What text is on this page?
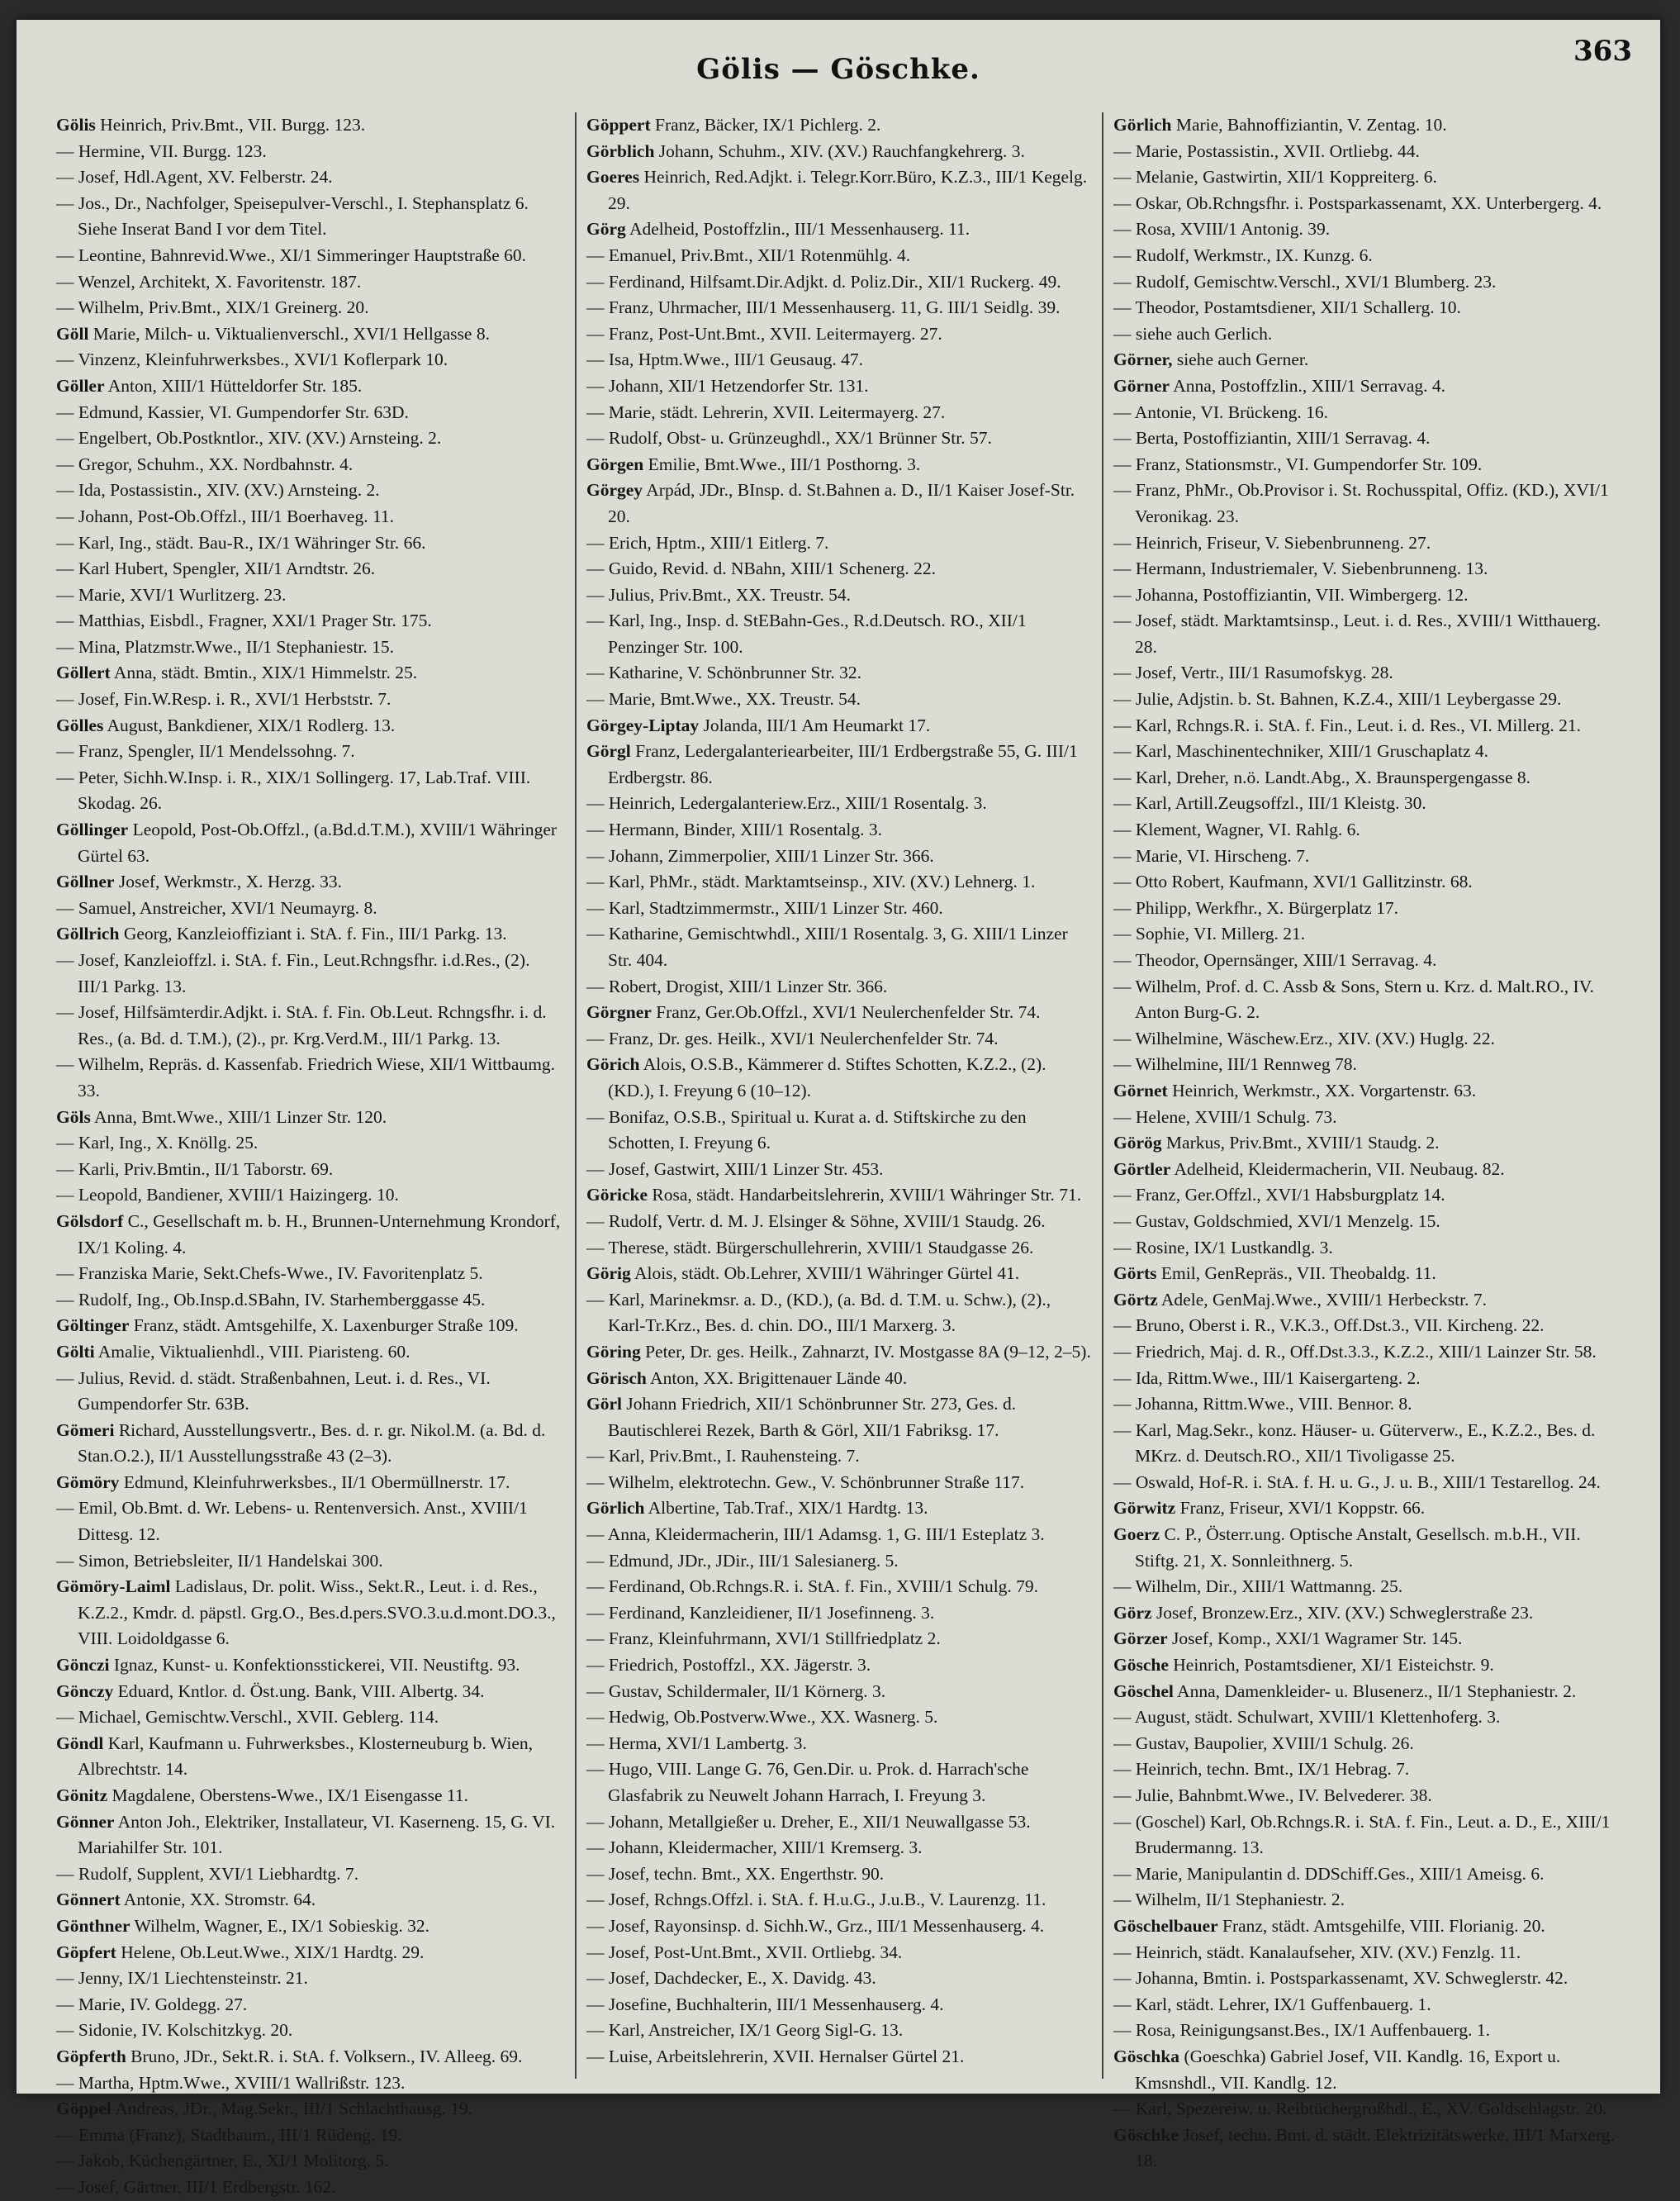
363
Gölis — Göschke.
Gölis Heinrich, Priv.Bmt., VII. Burgg. 123.
— Hermine, VII. Burgg. 123.
— Josef, Hdl.Agent, XV. Felberstr. 24.
— Jos., Dr., Nachfolger, Speisepulver-Verschl., I. Stephansplatz 6. Siehe Inserat Band I vor dem Titel.
— Leontine, Bahnrevid.Wwe., XI/1 Simmeringer Hauptstraße 60.
— Wenzel, Architekt, X. Favoritenstr. 187.
— Wilhelm, Priv.Bmt., XIX/1 Greinerg. 20.
Göll Marie, Milch- u. Viktualienverschl., XVI/1 Hellgasse 8.
— Vinzenz, Kleinfuhrwerksbes., XVI/1 Koflerpark 10.
Göller Anton, XIII/1 Hütteldorfer Str. 185.
— Edmund, Kassier, VI. Gumpendorfer Str. 63D.
— Engelbert, Ob.Postkntlor., XIV. (XV.) Arnsteing. 2.
— Gregor, Schuhm., XX. Nordbahnstr. 4.
— Ida, Postassistin., XIV. (XV.) Arnsteing. 2.
— Johann, Post-Ob.Offzl., III/1 Boerhaveg. 11.
— Karl, Ing., städt. Bau-R., IX/1 Währinger Str. 66.
— Karl Hubert, Spengler, XII/1 Arndtstr. 26.
— Marie, XVI/1 Wurlitzerg. 23.
— Matthias, Eisbdl., Fragner, XXI/1 Prager Str. 175.
— Mina, Platzmstr.Wwe., II/1 Stephaniestr. 15.
Göllert Anna, städt. Bmtin., XIX/1 Himmelstr. 25.
— Josef, Fin.W.Resp. i. R., XVI/1 Herbststr. 7.
Gölles August, Bankdiener, XIX/1 Rodlerg. 13.
— Franz, Spengler, II/1 Mendelssohng. 7.
— Peter, Sichh.W.Insp. i. R., XIX/1 Sollingerg. 17, Lab.Traf. VIII. Skodag. 26.
Göllinger Leopold, Post-Ob.Offzl., (a.Bd.d.T.M.), XVIII/1 Währinger Gürtel 63.
Göllner Josef, Werkmstr., X. Herzg. 33.
— Samuel, Anstreicher, XVI/1 Neumayrg. 8.
Göllrich Georg, Kanzleioffiziant i. StA. f. Fin., III/1 Parkg. 13.
— Josef, Kanzleioffzl. i. StA. f. Fin., Leut.Rchngsfhr. i.d.Res., (2). III/1 Parkg. 13.
— Josef, Hilfsämterdir.Adjkt. i. StA. f. Fin. Ob.Leut. Rchngsfhr. i. d. Res., (a. Bd. d. T.M.), (2)., pr. Krg.Verd.M., III/1 Parkg. 13.
— Wilhelm, Repräs. d. Kassenfab. Friedrich Wiese, XII/1 Wittbaumg. 33.
Göls Anna, Bmt.Wwe., XIII/1 Linzer Str. 120.
— Karl, Ing., X. Knöllg. 25.
— Karli, Priv.Bmtin., II/1 Taborstr. 69.
— Leopold, Bandiener, XVIII/1 Haizingerg. 10.
Gölsdorf C., Gesellschaft m. b. H., Brunnen-Unternehmung Krondorf, IX/1 Koling. 4.
— Franziska Marie, Sekt.Chefs-Wwe., IV. Favoritenplatz 5.
— Rudolf, Ing., Ob.Insp.d.SBahn, IV. Starhemberggasse 45.
Göltinger Franz, städt. Amtsgehilfe, X. Laxenburger Straße 109.
Gölti Amalie, Viktualienhdl., VIII. Piaristeng. 60.
— Julius, Revid. d. städt. Straßenbahnen, Leut. i. d. Res., VI. Gumpendorfer Str. 63B.
Gömeri Richard, Ausstellungsvertr., Bes. d. r. gr. Nikol.M. (a. Bd. d. Stan.O.2.), II/1 Ausstellungsstraße 43 (2–3).
Gömöry Edmund, Kleinfuhrwerksbes., II/1 Obermüllnerstr. 17.
— Emil, Ob.Bmt. d. Wr. Lebens- u. Rentenversich. Anst., XVIII/1 Dittesg. 12.
— Simon, Betriebsleiter, II/1 Handelskai 300.
Gömöry-Laiml Ladislaus, Dr. polit. Wiss., Sekt.R., Leut. i. d. Res., K.Z.2., Kmdr. d. päpstl. Grg.O., Bes.d.pers.SVO.3.u.d.mont.DO.3., VIII. Loidoldgasse 6.
Gönczi Ignaz, Kunst- u. Konfektionsstickerei, VII. Neustiftg. 93.
Gönczy Eduard, Kntlor. d. Öst.ung. Bank, VIII. Albertg. 34.
— Michael, Gemischtw.Verschl., XVII. Geblerg. 114.
Göndl Karl, Kaufmann u. Fuhrwerksbes., Klosterneuburg b. Wien, Albrechtstr. 14.
Gönitz Magdalene, Oberstens-Wwe., IX/1 Eisengasse 11.
Gönner Anton Joh., Elektriker, Installateur, VI. Kaserneng. 15, G. VI. Mariahilfer Str. 101.
— Rudolf, Supplent, XVI/1 Liebhardtg. 7.
Gönnert Antonie, XX. Stromstr. 64.
Gönthner Wilhelm, Wagner, E., IX/1 Sobieskig. 32.
Göpfert Helene, Ob.Leut.Wwe., XIX/1 Hardtg. 29.
— Jenny, IX/1 Liechtensteinstr. 21.
— Marie, IV. Goldegg. 27.
— Sidonie, IV. Kolschitzkyg. 20.
Göpferth Bruno, JDr., Sekt.R. i. StA. f. Volksern., IV. Alleeg. 69.
— Martha, Hptm.Wwe., XVIII/1 Wallrißstr. 123.
Göppel Andreas, JDr., Mag.Sekr., III/1 Schlachthausg. 19.
— Emma (Franz), Stadtbaum., III/1 Rüdeng. 19.
— Jakob, Küchengärtner, E., XI/1 Molitorg. 5.
— Josef, Gärtner, III/1 Erdbergstr. 162.
Göppert Franz, Bäcker, IX/1 Pichlerg. 2.
Görblich Johann, Schuhm., XIV. (XV.) Rauchfangkehrerg. 3.
Goeres Heinrich, Red.Adjkt. i. Telegr.Korr.Büro, K.Z.3., III/1 Kegelg. 29.
Görg Adelheid, Postoffzlin., III/1 Messenhauserg. 11.
— Emanuel, Priv.Bmt., XII/1 Rotenmühlg. 4.
— Ferdinand, Hilfsamt.Dir.Adjkt. d. Poliz.Dir., XII/1 Ruckerg. 49.
— Franz, Uhrmacher, III/1 Messenhauserg. 11, G. III/1 Seidlg. 39.
— Franz, Post-Unt.Bmt., XVII. Leitermayerg. 27.
— Isa, Hptm.Wwe., III/1 Geusaug. 47.
— Johann, XII/1 Hetzendorfer Str. 131.
— Marie, städt. Lehrerin, XVII. Leitermayerg. 27.
— Rudolf, Obst- u. Grünzeughdl., XX/1 Brünner Str. 57.
Görgen Emilie, Bmt.Wwe., III/1 Posthorng. 3.
Görgey Arpád, JDr., BInsp. d. St.Bahnen a. D., II/1 Kaiser Josef-Str. 20.
— Erich, Hptm., XIII/1 Eitlerg. 7.
— Guido, Revid. d. NBahn, XIII/1 Schenerg. 22.
— Julius, Priv.Bmt., XX. Treustr. 54.
— Karl, Ing., Insp. d. StEBahn-Ges., R.d.Deutsch. RO., XII/1 Penzinger Str. 100.
— Katharine, V. Schönbrunner Str. 32.
— Marie, Bmt.Wwe., XX. Treustr. 54.
Görgey-Liptay Jolanda, III/1 Am Heumarkt 17.
Görgl Franz, Ledergalanteriearbeiter, III/1 Erdbergstraße 55, G. III/1 Erdbergstr. 86.
— Heinrich, Ledergalanteriew.Erz., XIII/1 Rosentalg. 3.
— Hermann, Binder, XIII/1 Rosentalg. 3.
— Johann, Zimmerpolier, XIII/1 Linzer Str. 366.
— Karl, PhMr., städt. Marktamtseinsp., XIV. (XV.) Lehnerg. 1.
— Karl, Stadtzimmermstr., XIII/1 Linzer Str. 460.
— Katharine, Gemischtwhdl., XIII/1 Rosentalg. 3, G. XIII/1 Linzer Str. 404.
— Robert, Drogist, XIII/1 Linzer Str. 366.
Görgner Franz, Ger.Ob.Offzl., XVI/1 Neulerchenfelder Str. 74.
— Franz, Dr. ges. Heilk., XVI/1 Neulerchenfelder Str. 74.
Görich Alois, O.S.B., Kämmerer d. Stiftes Schotten, K.Z.2., (2). (KD.), I. Freyung 6 (10–12).
— Bonifaz, O.S.B., Spiritual u. Kurat a. d. Stiftskirche zu den Schotten, I. Freyung 6.
— Josef, Gastwirt, XIII/1 Linzer Str. 453.
Göricke Rosa, städt. Handarbeitslehrerin, XVIII/1 Währinger Str. 71.
— Rudolf, Vertr. d. M. J. Elsinger & Söhne, XVIII/1 Staudg. 26.
— Therese, städt. Bürgerschullehrerin, XVIII/1 Staudgasse 26.
Görig Alois, städt. Ob.Lehrer, XVIII/1 Währinger Gürtel 41.
— Karl, Marinekmsr. a. D., (KD.), (a. Bd. d. T.M. u. Schw.), (2)., Karl-Tr.Krz., Bes. d. chin. DO., III/1 Marxerg. 3.
Göring Peter, Dr. ges. Heilk., Zahnarzt, IV. Mostgasse 8A (9–12, 2–5).
Görisch Anton, XX. Brigittenauer Lände 40.
Görl Johann Friedrich, XII/1 Schönbrunner Str. 273, Ges. d. Bautischlerei Rezek, Barth & Görl, XII/1 Fabriksg. 17.
— Karl, Priv.Bmt., I. Rauhensteing. 7.
— Wilhelm, elektrotechn. Gew., V. Schönbrunner Straße 117.
Görlich Albertine, Tab.Traf., XIX/1 Hardtg. 13.
— Anna, Kleidermacherin, III/1 Adamsg. 1, G. III/1 Esteplatz 3.
— Edmund, JDr., JDir., III/1 Salesianerg. 5.
— Ferdinand, Ob.Rchngs.R. i. StA. f. Fin., XVIII/1 Schulg. 79.
— Ferdinand, Kanzleidiener, II/1 Josefinneng. 3.
— Franz, Kleinfuhrmann, XVI/1 Stillfriedplatz 2.
— Friedrich, Postoffzl., XX. Jägerstr. 3.
— Gustav, Schildermaler, II/1 Körnerg. 3.
— Hedwig, Ob.Postverw.Wwe., XX. Wasnerg. 5.
— Herma, XVI/1 Lambertg. 3.
— Hugo, VIII. Lange G. 76, Gen.Dir. u. Prok. d. Harrach'sche Glasfabrik zu Neuwelt Johann Harrach, I. Freyung 3.
— Johann, Metallgießer u. Dreher, E., XII/1 Neuwallgasse 53.
— Johann, Kleidermacher, XIII/1 Kremserg. 3.
— Josef, techn. Bmt., XX. Engerthstr. 90.
— Josef, Rchngs.Offzl. i. StA. f. H.u.G., J.u.B., V. Laurenzg. 11.
— Josef, Rayonsinsp. d. Sichh.W., Grz., III/1 Messenhauserg. 4.
— Josef, Post-Unt.Bmt., XVII. Ortliebg. 34.
— Josef, Dachdecker, E., X. Davidg. 43.
— Josefine, Buchhalterin, III/1 Messenhauserg. 4.
— Karl, Anstreicher, IX/1 Georg Sigl-G. 13.
— Luise, Arbeitslehrerin, XVII. Hernalser Gürtel 21.
Görlich Marie, Bahnoffiziantin, V. Zentag. 10.
— Marie, Postassistin., XVII. Ortliebg. 44.
— Melanie, Gastwirtin, XII/1 Koppreiterg. 6.
— Oskar, Ob.Rchngsfhr. i. Postsparkassenamt, XX. Unterbergerg. 4.
— Rosa, XVIII/1 Antonig. 39.
— Rudolf, Werkmstr., IX. Kunzg. 6.
— Rudolf, Gemischtw.Verschl., XVI/1 Blumberg. 23.
— Theodor, Postamtsdiener, XII/1 Schallerg. 10.
— siehe auch Gerlich.
Görner, siehe auch Gerner.
Görner Anna, Postoffzlin., XIII/1 Serravag. 4.
— Antonie, VI. Brückeng. 16.
— Berta, Postoffiziantin, XIII/1 Serravag. 4.
— Franz, Stationsmstr., VI. Gumpendorfer Str. 109.
— Franz, PhMr., Ob.Provisor i. St. Rochusspital, Offiz. (KD.), XVI/1 Veronikag. 23.
— Heinrich, Friseur, V. Siebenbrunneng. 27.
— Hermann, Industriemaler, V. Siebenbrunneng. 13.
— Johanna, Postoffiziantin, VII. Wimbergerg. 12.
— Josef, städt. Marktamtsinsp., Leut. i. d. Res., XVIII/1 Witthauerg. 28.
— Josef, Vertr., III/1 Rasumofskyg. 28.
— Julie, Adjstin. b. St. Bahnen, K.Z.4., XIII/1 Leybergasse 29.
— Karl, Rchngs.R. i. StA. f. Fin., Leut. i. d. Res., VI. Millerg. 21.
— Karl, Maschinentechniker, XIII/1 Gruschaplatz 4.
— Karl, Dreher, n.ö. Landt.Abg., X. Braunspergengasse 8.
— Karl, Artill.Zeugsoffzl., III/1 Kleistg. 30.
— Klement, Wagner, VI. Rahlg. 6.
— Marie, VI. Hirscheng. 7.
— Otto Robert, Kaufmann, XVI/1 Gallitzinstr. 68.
— Philipp, Werkfhr., X. Bürgerplatz 17.
— Sophie, VI. Millerg. 21.
— Theodor, Opernsänger, XIII/1 Serravag. 4.
— Wilhelm, Prof. d. C. Assb & Sons, Stern u. Krz. d. Malt.RO., IV. Anton Burg-G. 2.
— Wilhelmine, Wäschew.Erz., XIV. (XV.) Huglg. 22.
— Wilhelmine, III/1 Rennweg 78.
Görnet Heinrich, Werkmstr., XX. Vorgartenstr. 63.
— Helene, XVIII/1 Schulg. 73.
Görög Markus, Priv.Bmt., XVIII/1 Staudg. 2.
Görtler Adelheid, Kleidermacherin, VII. Neubaug. 82.
— Franz, Ger.Offzl., XVI/1 Habsburgplatz 14.
— Gustav, Goldschmied, XVI/1 Menzelg. 15.
— Rosine, IX/1 Lustkandlg. 3.
Görts Emil, GenRepräs., VII. Theobaldg. 11.
Görtz Adele, GenMaj.Wwe., XVIII/1 Herbeckstr. 7.
— Bruno, Oberst i. R., V.K.3., Off.Dst.3., VII. Kircheng. 22.
— Friedrich, Maj. d. R., Off.Dst.3.3., K.Z.2., XIII/1 Lainzer Str. 58.
— Ida, Rittm.Wwe., III/1 Kaisergarteng. 2.
— Johanna, Rittm.Wwe., VIII. Benног. 8.
— Karl, Mag.Sekr., konz. Häuser- u. Güterverw., E., K.Z.2., Bes. d. MKrz. d. Deutsch.RO., XII/1 Tivoligasse 25.
— Oswald, Hof-R. i. StA. f. H. u. G., J. u. B., XIII/1 Testarellog. 24.
Görwitz Franz, Friseur, XVI/1 Koppstr. 66.
Goerz C. P., Österr.ung. Optische Anstalt, Gesellsch. m.b.H., VII. Stiftg. 21, X. Sonnleithnerg. 5.
— Wilhelm, Dir., XIII/1 Wattmanng. 25.
Görz Josef, Bronzew.Erz., XIV. (XV.) Schweglerstraße 23.
Görzer Josef, Komp., XXI/1 Wagramer Str. 145.
Gösche Heinrich, Postamtsdiener, XI/1 Eisteichstr. 9.
Göschel Anna, Damenkleider- u. Blusenerz., II/1 Stephaniestr. 2.
— August, städt. Schulwart, XVIII/1 Klettenhoferg. 3.
— Gustav, Baupolier, XVIII/1 Schulg. 26.
— Heinrich, techn. Bmt., IX/1 Hebrag. 7.
— Julie, Bahnbmt.Wwe., IV. Belvederег. 38.
— (Goschel) Karl, Ob.Rchngs.R. i. StA. f. Fin., Leut. a. D., E., XIII/1 Brudermanng. 13.
— Marie, Manipulantin d. DDSchiff.Ges., XIII/1 Ameisg. 6.
— Wilhelm, II/1 Stephaniestr. 2.
Göschelbauer Franz, städt. Amtsgehilfe, VIII. Florianig. 20.
— Heinrich, städt. Kanalaufseher, XIV. (XV.) Fenzlg. 11.
— Johanna, Bmtin. i. Postsparkassenamt, XV. Schweglerstr. 42.
— Karl, städt. Lehrer, IX/1 Guffenbauerg. 1.
— Rosa, Reinigungsanst.Bes., IX/1 Auffenbauerg. 1.
Göschka (Goeschka) Gabriel Josef, VII. Kandlg. 16, Export u. Kmsnshdl., VII. Kandlg. 12.
— Karl, Spezereiw. u. Reibtüchergroßhdl., E., XV. Goldschlagstr. 20.
Göschke Josef, techn. Bmt. d. städt. Elektrizitätswerke, III/1 Marxerg. 18.
